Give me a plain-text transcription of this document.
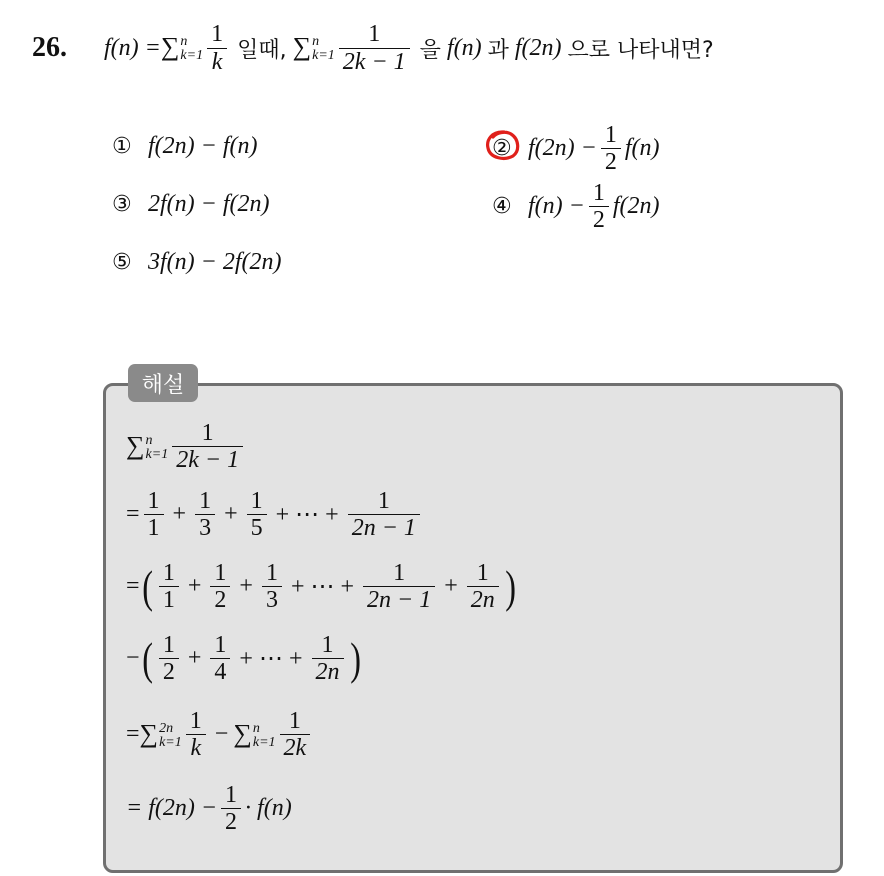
26.	f(n) = ∑ n
$k=1 \frac{1}{k}$ 일때, ∑ n
$k=1 \frac{1}{2k - 1}$ 을 f(n) 과 f(2n) 으로 나타내면?
① f(2n) − f(n)	② $f(2n) - \frac{1}{2} f(n)$
③ 2f(n) − f(2n)	④ $f(n) - \frac{1}{2} f(2n)$
⑤ 3f(n) − 2f(2n)
해설
∑ n
$k=1 \frac{1}{2k - 1}$
= $\frac{1}{1} + \frac{1}{3} + \frac{1}{5}$ + ⋯ + $\frac{1}{2n - 1}$
= ( $\frac{1}{1} + \frac{1}{2} + \frac{1}{3}$ + ⋯ + $\frac{1}{2n - 1} + \frac{1}{2n}$ )
− ( $\frac{1}{2} + \frac{1}{4}$ + ⋯ + $\frac{1}{2n}$ )
= ∑ 2n
$k=1 \frac{1}{k}$ − ∑ n
$k=1 \frac{1}{2k}$
= $f(2n) - \frac{1}{2} \cdot f(n)$
